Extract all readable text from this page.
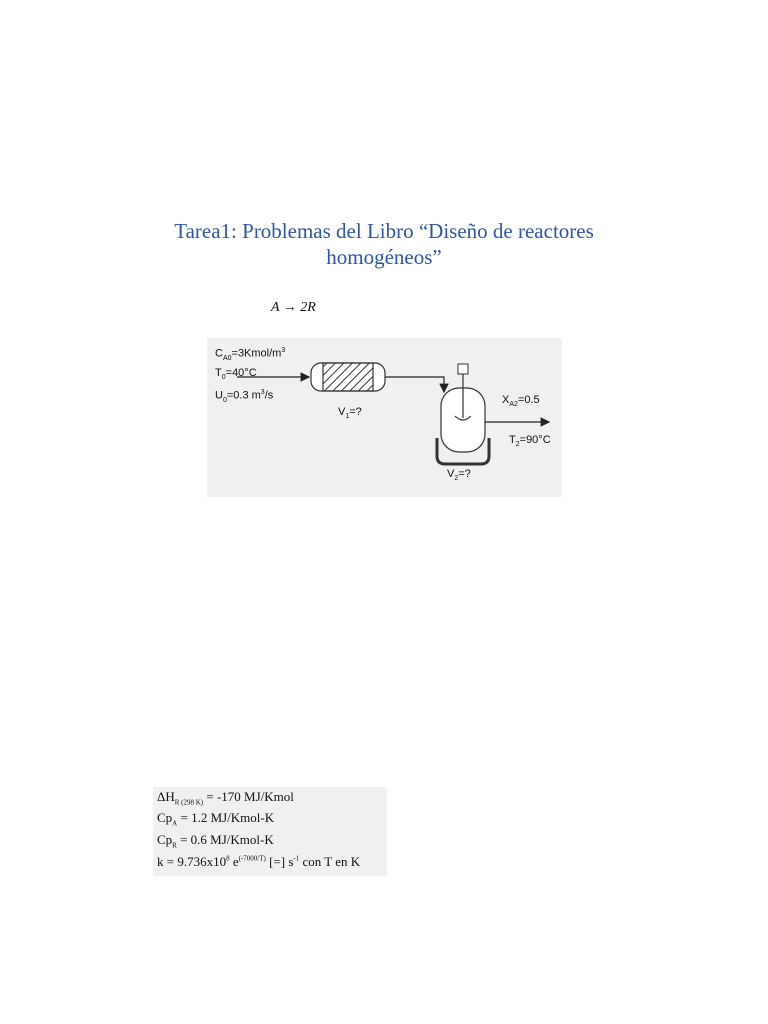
Tarea1: Problemas del Libro “Diseño de reactores
homogéneos”
A → 2R
$C_{A0}=3Kmol/m^3$
$T_0=40^\circ C$
$U_0=0.3$ $m^3/s$
$V_1=$?
$X_{A2}=0.5$
$T_2=90^\circ C$
$V_2=$?
$\Delta H_{R (298 K)} = -170$ MJ/Kmol
$Cp_A = 1.2$ MJ/Kmol-K
$Cp_R = 0.6$ MJ/Kmol-K
$k = 9.736x10^8$ $e^{(-7000/T)}$ [=] $s^{-1}$ con T en K
